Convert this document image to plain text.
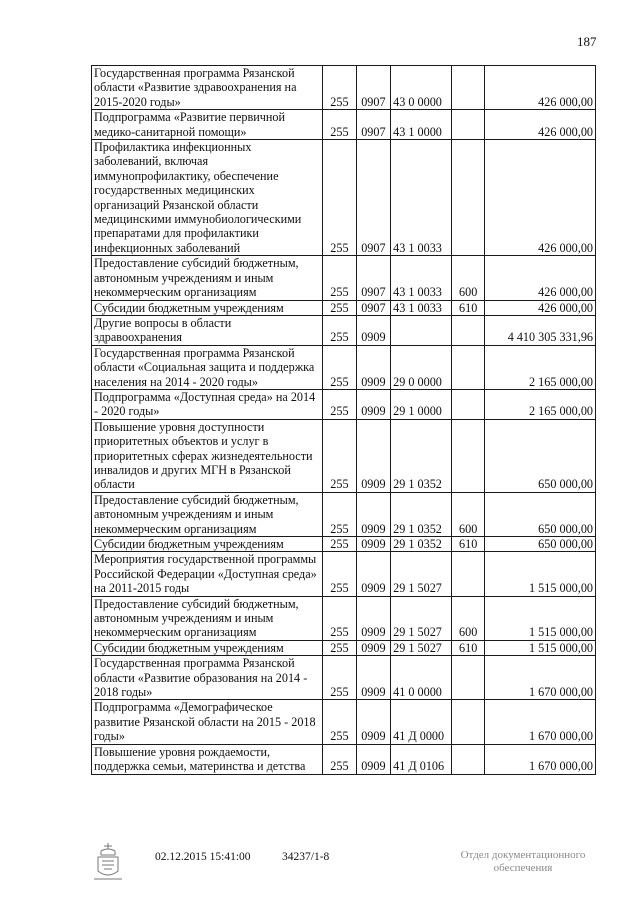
187
Государственная программа Рязанской области «Развитие здравоохранения на 2015-2020 годы»	255	0907	43 0 0000		426 000,00
Подпрограмма «Развитие первичной медико-санитарной помощи»	255	0907	43 1 0000		426 000,00
Профилактика инфекционных заболеваний, включая иммунопрофилактику, обеспечение государственных медицинских организаций Рязанской области медицинскими иммунобиологическими препаратами для профилактики инфекционных заболеваний	255	0907	43 1 0033		426 000,00
Предоставление субсидий бюджетным, автономным учреждениям и иным некоммерческим организациям	255	0907	43 1 0033	600	426 000,00
Субсидии бюджетным учреждениям	255	0907	43 1 0033	610	426 000,00
Другие вопросы в области здравоохранения	255	0909			4 410 305 331,96
Государственная программа Рязанской области «Социальная защита и поддержка населения на 2014 - 2020 годы»	255	0909	29 0 0000		2 165 000,00
Подпрограмма «Доступная среда» на 2014 - 2020 годы»	255	0909	29 1 0000		2 165 000,00
Повышение уровня доступности приоритетных объектов и услуг в приоритетных сферах жизнедеятельности инвалидов и других МГН в Рязанской области	255	0909	29 1 0352		650 000,00
Предоставление субсидий бюджетным, автономным учреждениям и иным некоммерческим организациям	255	0909	29 1 0352	600	650 000,00
Субсидии бюджетным учреждениям	255	0909	29 1 0352	610	650 000,00
Мероприятия государственной программы Российской Федерации «Доступная среда» на 2011-2015 годы	255	0909	29 1 5027		1 515 000,00
Предоставление субсидий бюджетным, автономным учреждениям и иным некоммерческим организациям	255	0909	29 1 5027	600	1 515 000,00
Субсидии бюджетным учреждениям	255	0909	29 1 5027	610	1 515 000,00
Государственная программа Рязанской области «Развитие образования на 2014 - 2018 годы»	255	0909	41 0 0000		1 670 000,00
Подпрограмма «Демографическое развитие Рязанской области на 2015 - 2018 годы»	255	0909	41 Д 0000		1 670 000,00
Повышение уровня рождаемости, поддержка семьи, материнства и детства	255	0909	41 Д 0106		1 670 000,00
02.12.2015 15:41:00	34237/1-8	Отдел документационного обеспечения
